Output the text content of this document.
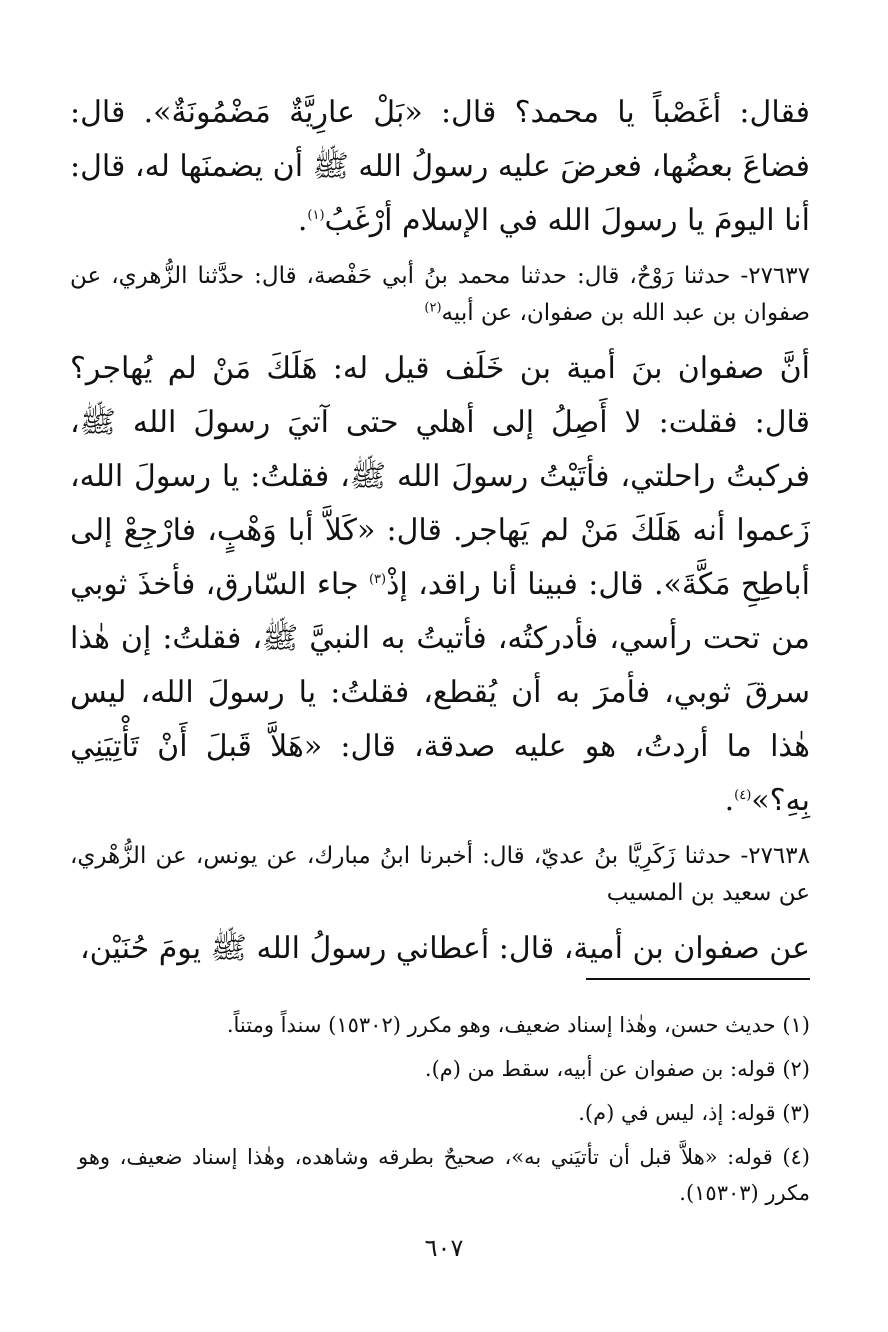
فقال: أغَصْباً يا محمد؟ قال: «بَلْ عارِيَّةٌ مَضْمُونَةٌ». قال: فضاعَ بعضُها، فعرضَ عليه رسولُ الله ﷺ أن يضمنَها له، قال: أنا اليومَ يا رسولَ الله في الإسلام أرْغَبُ$^{(١)}$.

٢٧٦٣٧- حدثنا رَوْحٌ، قال: حدثنا محمد بنُ أبي حَفْصة، قال: حدَّثنا الزُّهري، عن صفوان بن عبد الله بن صفوان، عن أبيه$^{(٢)}$

أنَّ صفوان بنَ أمية بن خَلَف قيل له: هَلَكَ مَنْ لم يُهاجر؟ قال: فقلت: لا أَصِلُ إلى أهلي حتى آتيَ رسولَ الله ﷺ، فركبتُ راحلتي، فأتَيْتُ رسولَ الله ﷺ، فقلتُ: يا رسولَ الله، زَعموا أنه هَلَكَ مَنْ لم يَهاجر. قال: «كَلاَّ أبا وَهْبٍ، فارْجِعْ إلى أباطِحِ مَكَّةَ». قال: فبينا أنا راقد، إذْ$^{(٣)}$ جاء السّارق، فأخذَ ثوبي من تحت رأسي، فأدركتُه، فأتيتُ به النبيَّ ﷺ، فقلتُ: إن هٰذا سرقَ ثوبي، فأمرَ به أن يُقطع، فقلتُ: يا رسولَ الله، ليس هٰذا ما أردتُ، هو عليه صدقة، قال: «هَلاَّ قَبلَ أَنْ تَأْتِيَنِي بِهِ؟»$^{(٤)}$.

٢٧٦٣٨- حدثنا زَكَرِيَّا بنُ عديّ، قال: أخبرنا ابنُ مبارك، عن يونس، عن الزُّهْري، عن سعيد بن المسيب

عن صفوان بن أمية، قال: أعطاني رسولُ الله ﷺ يومَ حُنَيْن،

(١) حديث حسن، وهٰذا إسناد ضعيف، وهو مكرر (١٥٣٠٢) سنداً ومتناً.

(٢) قوله: بن صفوان عن أبيه، سقط من (م).

(٣) قوله: إذ، ليس في (م).

(٤) قوله: «هلاَّ قبل أن تأتيَني به»، صحيحٌ بطرقه وشاهده، وهٰذا إسناد ضعيف، وهو مكرر (١٥٣٠٣).

٦٠٧
